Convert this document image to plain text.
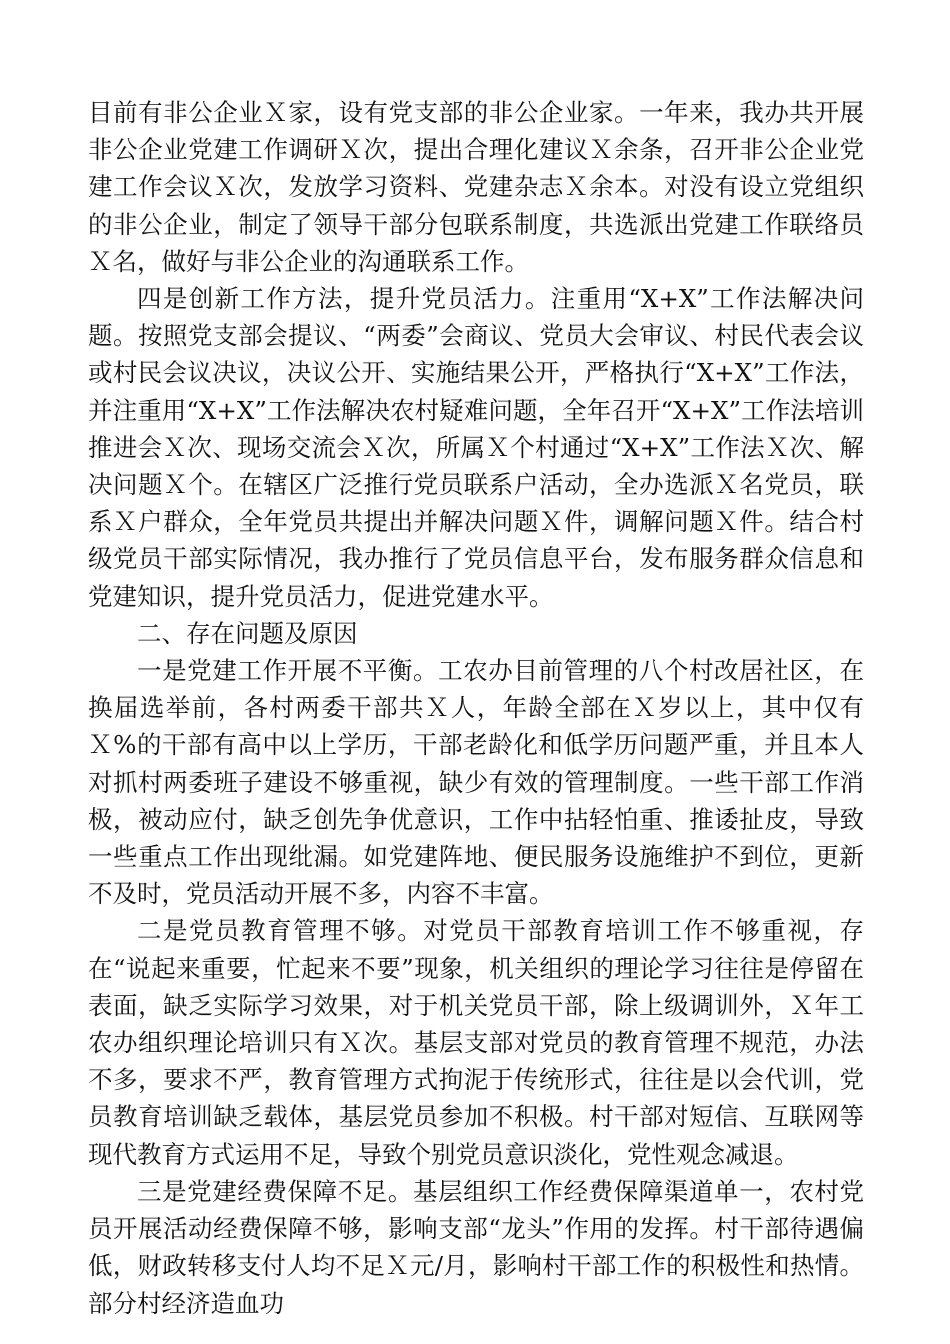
目前有非公企业Ｘ家，设有党支部的非公企业家。一年来，我办共开展非公企业党建工作调研Ｘ次，提出合理化建议Ｘ余条，召开非公企业党建工作会议Ｘ次，发放学习资料、党建杂志Ｘ余本。对没有设立党组织的非公企业，制定了领导干部分包联系制度，共选派出党建工作联络员Ｘ名，做好与非公企业的沟通联系工作。

四是创新工作方法，提升党员活力。注重用“X+X”工作法解决问题。按照党支部会提议、“两委”会商议、党员大会审议、村民代表会议或村民会议决议，决议公开、实施结果公开，严格执行“X+X”工作法，并注重用“X+X”工作法解决农村疑难问题，全年召开“X+X”工作法培训推进会Ｘ次、现场交流会Ｘ次，所属Ｘ个村通过“X+X”工作法Ｘ次、解决问题Ｘ个。在辖区广泛推行党员联系户活动，全办选派Ｘ名党员，联系Ｘ户群众，全年党员共提出并解决问题Ｘ件，调解问题Ｘ件。结合村级党员干部实际情况，我办推行了党员信息平台，发布服务群众信息和党建知识，提升党员活力，促进党建水平。

二、存在问题及原因

一是党建工作开展不平衡。工农办目前管理的八个村改居社区，在换届选举前，各村两委干部共Ｘ人，年龄全部在Ｘ岁以上，其中仅有Ｘ%的干部有高中以上学历，干部老龄化和低学历问题严重，并且本人对抓村两委班子建设不够重视，缺少有效的管理制度。一些干部工作消极，被动应付，缺乏创先争优意识，工作中拈轻怕重、推诿扯皮，导致一些重点工作出现纰漏。如党建阵地、便民服务设施维护不到位，更新不及时，党员活动开展不多，内容不丰富。

二是党员教育管理不够。对党员干部教育培训工作不够重视，存在“说起来重要，忙起来不要”现象，机关组织的理论学习往往是停留在表面，缺乏实际学习效果，对于机关党员干部，除上级调训外，Ｘ年工农办组织理论培训只有Ｘ次。基层支部对党员的教育管理不规范，办法不多，要求不严，教育管理方式拘泥于传统形式，往往是以会代训，党员教育培训缺乏载体，基层党员参加不积极。村干部对短信、互联网等现代教育方式运用不足，导致个别党员意识淡化，党性观念减退。

三是党建经费保障不足。基层组织工作经费保障渠道单一，农村党员开展活动经费保障不够，影响支部“龙头”作用的发挥。村干部待遇偏低，财政转移支付人均不足Ｘ元/月，影响村干部工作的积极性和热情。部分村经济造血功
